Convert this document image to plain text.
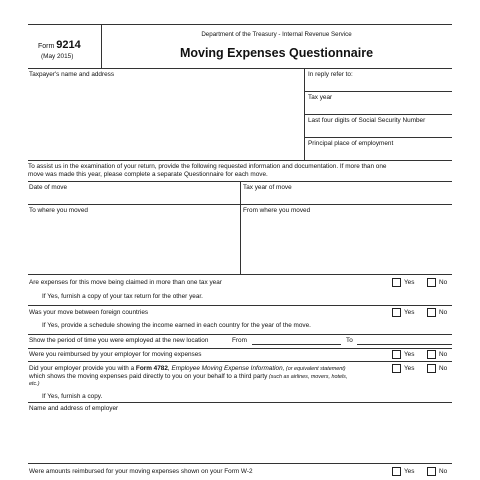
Form 9214
(May 2015)
Department of the Treasury - Internal Revenue Service
Moving Expenses Questionnaire
Taxpayer's name and address	In reply refer to:
Tax year
Last four digits of Social Security Number
Principal place of employment
To assist us in the examination of your return, provide the following requested information and documentation. If more than one
move was made this year, please complete a separate Questionnaire for each move.
Date of move	Tax year of move
To where you moved	From where you moved
Are expenses for this move being claimed in more than one tax year	Yes	No
If Yes, furnish a copy of your tax return for the other year.
Was your move between foreign countries	Yes	No
If Yes, provide a schedule showing the income earned in each country for the year of the move.
Show the period of time you were employed at the new location	From	To
Were you reimbursed by your employer for moving expenses	Yes	No
Did your employer provide you with a Form 4782, Employee Moving Expense Information, (or equivalent statement)
which shows the moving expenses paid directly to you on your behalf to a third party (such as airlines, movers, hotels,
etc.)
Yes	No
If Yes, furnish a copy.
Name and address of employer
Were amounts reimbursed for your moving expenses shown on your Form W-2	Yes	No
